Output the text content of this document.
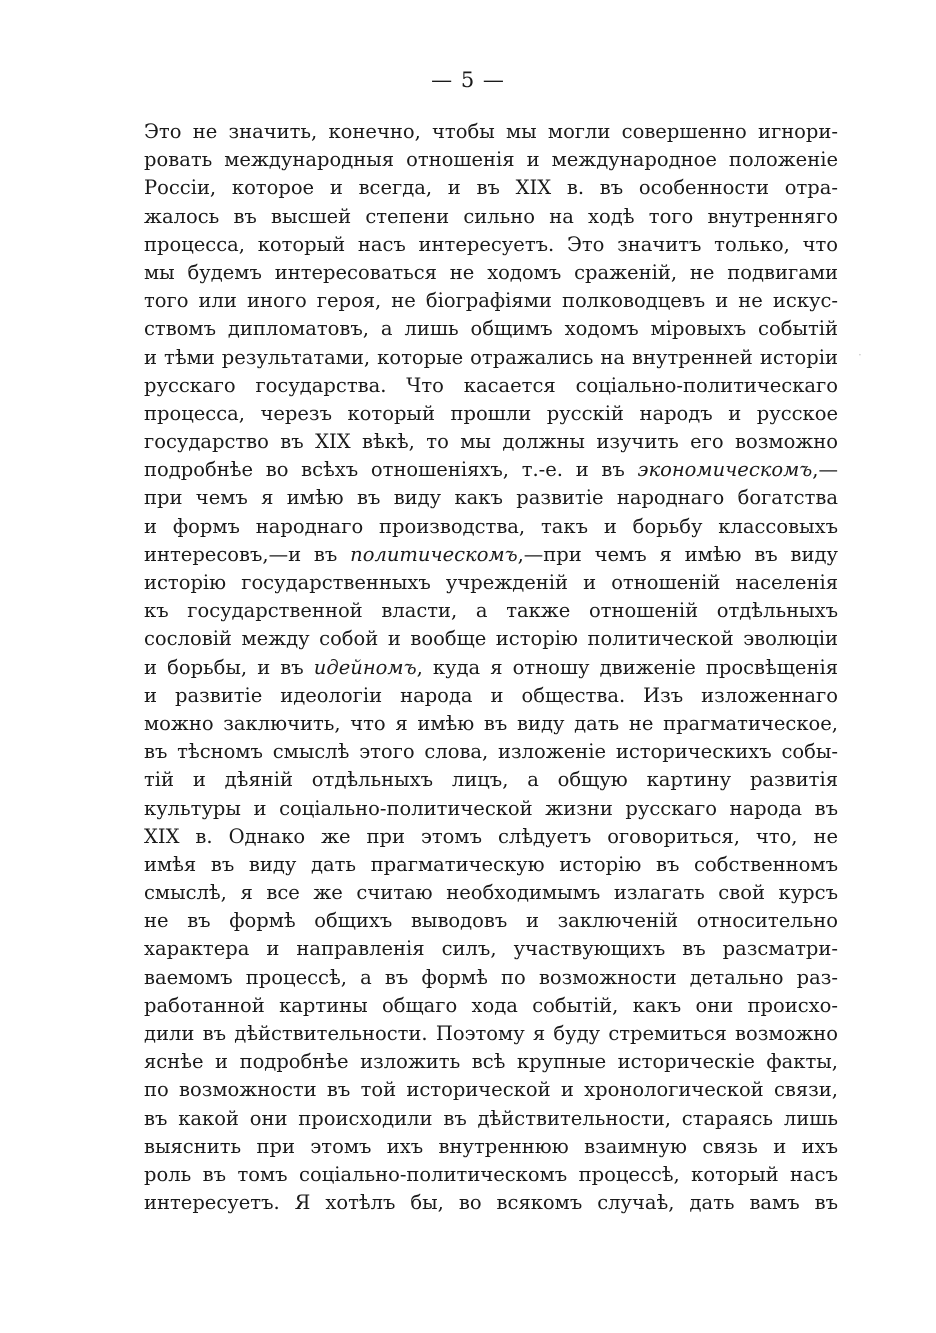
— 5 —
Это не значить, конечно, чтобы мы могли совершенно игнори-
ровать международныя отношенія и международное положеніе
Россіи, которое и всегда, и въ XIX в. въ особенности отра-
жалось въ высшей степени сильно на ходѣ того внутренняго
процесса, который насъ интересуетъ. Это значитъ только, что
мы будемъ интересоваться не ходомъ сраженій, не подвигами
того или иного героя, не біографіями полководцевъ и не искус-
ствомъ дипломатовъ, а лишь общимъ ходомъ міровыхъ событій
и тѣми результатами, которые отражались на внутренней исторіи
русскаго государства. Что касается соціально-политическаго
процесса, черезъ который прошли русскій народъ и русское
государство въ XIX вѣкѣ, то мы должны изучить его возможно
подробнѣе во всѣхъ отношеніяхъ, т.-е. и въ экономическомъ,—
при чемъ я имѣю въ виду какъ развитіе народнаго богатства
и формъ народнаго производства, такъ и борьбу классовыхъ
интересовъ,—и въ политическомъ,—при чемъ я имѣю въ виду
исторію государственныхъ учрежденій и отношеній населенія
къ государственной власти, а также отношеній отдѣльныхъ
сословій между собой и вообще исторію политической эволюціи
и борьбы, и въ идейномъ, куда я отношу движеніе просвѣщенія
и развитіе идеологіи народа и общества. Изъ изложеннаго
можно заключить, что я имѣю въ виду дать не прагматическое,
въ тѣсномъ смыслѣ этого слова, изложеніе историческихъ собы-
тій и дѣяній отдѣльныхъ лицъ, а общую картину развитія
культуры и соціально-политической жизни русскаго народа въ
XIX в. Однако же при этомъ слѣдуетъ оговориться, что, не
имѣя въ виду дать прагматическую исторію въ собственномъ
смыслѣ, я все же считаю необходимымъ излагать свой курсъ
не въ формѣ общихъ выводовъ и заключеній относительно
характера и направленія силъ, участвующихъ въ разсматри-
ваемомъ процессѣ, а въ формѣ по возможности детально раз-
работанной картины общаго хода событій, какъ они происхо-
дили въ дѣйствительности. Поэтому я буду стремиться возможно
яснѣе и подробнѣе изложить всѣ крупные историческіе факты,
по возможности въ той исторической и хронологической связи,
въ какой они происходили въ дѣйствительности, стараясь лишь
выяснить при этомъ ихъ внутреннюю взаимную связь и ихъ
роль въ томъ соціально-политическомъ процессѣ, который насъ
интересуетъ. Я хотѣлъ бы, во всякомъ случаѣ, дать вамъ въ
·
